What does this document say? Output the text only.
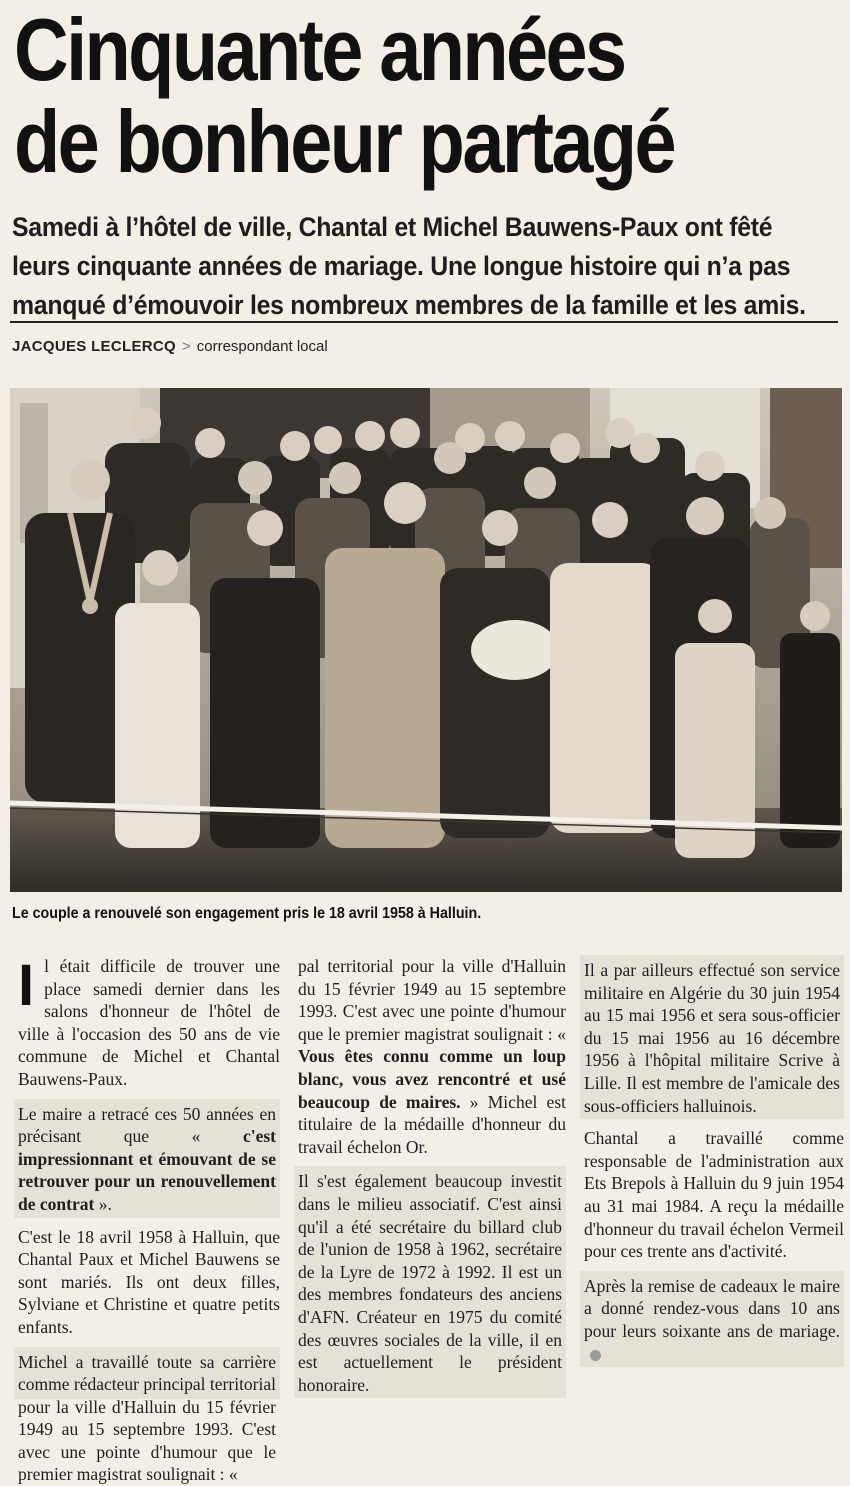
Cinquante années
de bonheur partagé
Samedi à l’hôtel de ville, Chantal et Michel Bauwens-Paux ont fêté
leurs cinquante années de mariage. Une longue histoire qui n’a pas
manqué d’émouvoir les nombreux membres de la famille et les amis.
JACQUES LECLERCQ > correspondant local
Le couple a renouvelé son engagement pris le 18 avril 1958 à Halluin.

Il était difficile de trouver une place samedi dernier dans les salons d'honneur de l'hôtel de ville à l'occasion des 50 ans de vie commune de Michel et Chantal Bauwens-Paux.

Le maire a retracé ces 50 années en précisant que « c'est impressionnant et émouvant de se retrouver pour un renouvellement de contrat ».

C'est le 18 avril 1958 à Halluin, que Chantal Paux et Michel Bauwens se sont mariés. Ils ont deux filles, Sylviane et Christine et quatre petits enfants.

Michel a travaillé toute sa carrière comme rédacteur principal territorial pour la ville d'Halluin du 15 février 1949 au 15 septembre 1993. C'est avec une pointe d'humour que le premier magistrat soulignait : «

pal territorial pour la ville d'Halluin du 15 février 1949 au 15 septembre 1993. C'est avec une pointe d'humour que le premier magistrat soulignait : « Vous êtes connu comme un loup blanc, vous avez rencontré et usé beaucoup de maires. » Michel est titulaire de la médaille d'honneur du travail échelon Or.

Il s'est également beaucoup investit dans le milieu associatif. C'est ainsi qu'il a été secrétaire du billard club de l'union de 1958 à 1962, secrétaire de la Lyre de 1972 à 1992. Il est un des membres fondateurs des anciens d'AFN. Créateur en 1975 du comité des œuvres sociales de la ville, il en est actuellement le président honoraire.

Il a par ailleurs effectué son service militaire en Algérie du 30 juin 1954 au 15 mai 1956 et sera sous-officier du 15 mai 1956 au 16 décembre 1956 à l'hôpital militaire Scrive à Lille. Il est membre de l'amicale des sous-officiers halluinois.

Chantal a travaillé comme responsable de l'administration aux Ets Brepols à Halluin du 9 juin 1954 au 31 mai 1984. A reçu la médaille d'honneur du travail échelon Vermeil pour ces trente ans d'activité.

Après la remise de cadeaux le maire a donné rendez-vous dans 10 ans pour leurs soixante ans de mariage.
